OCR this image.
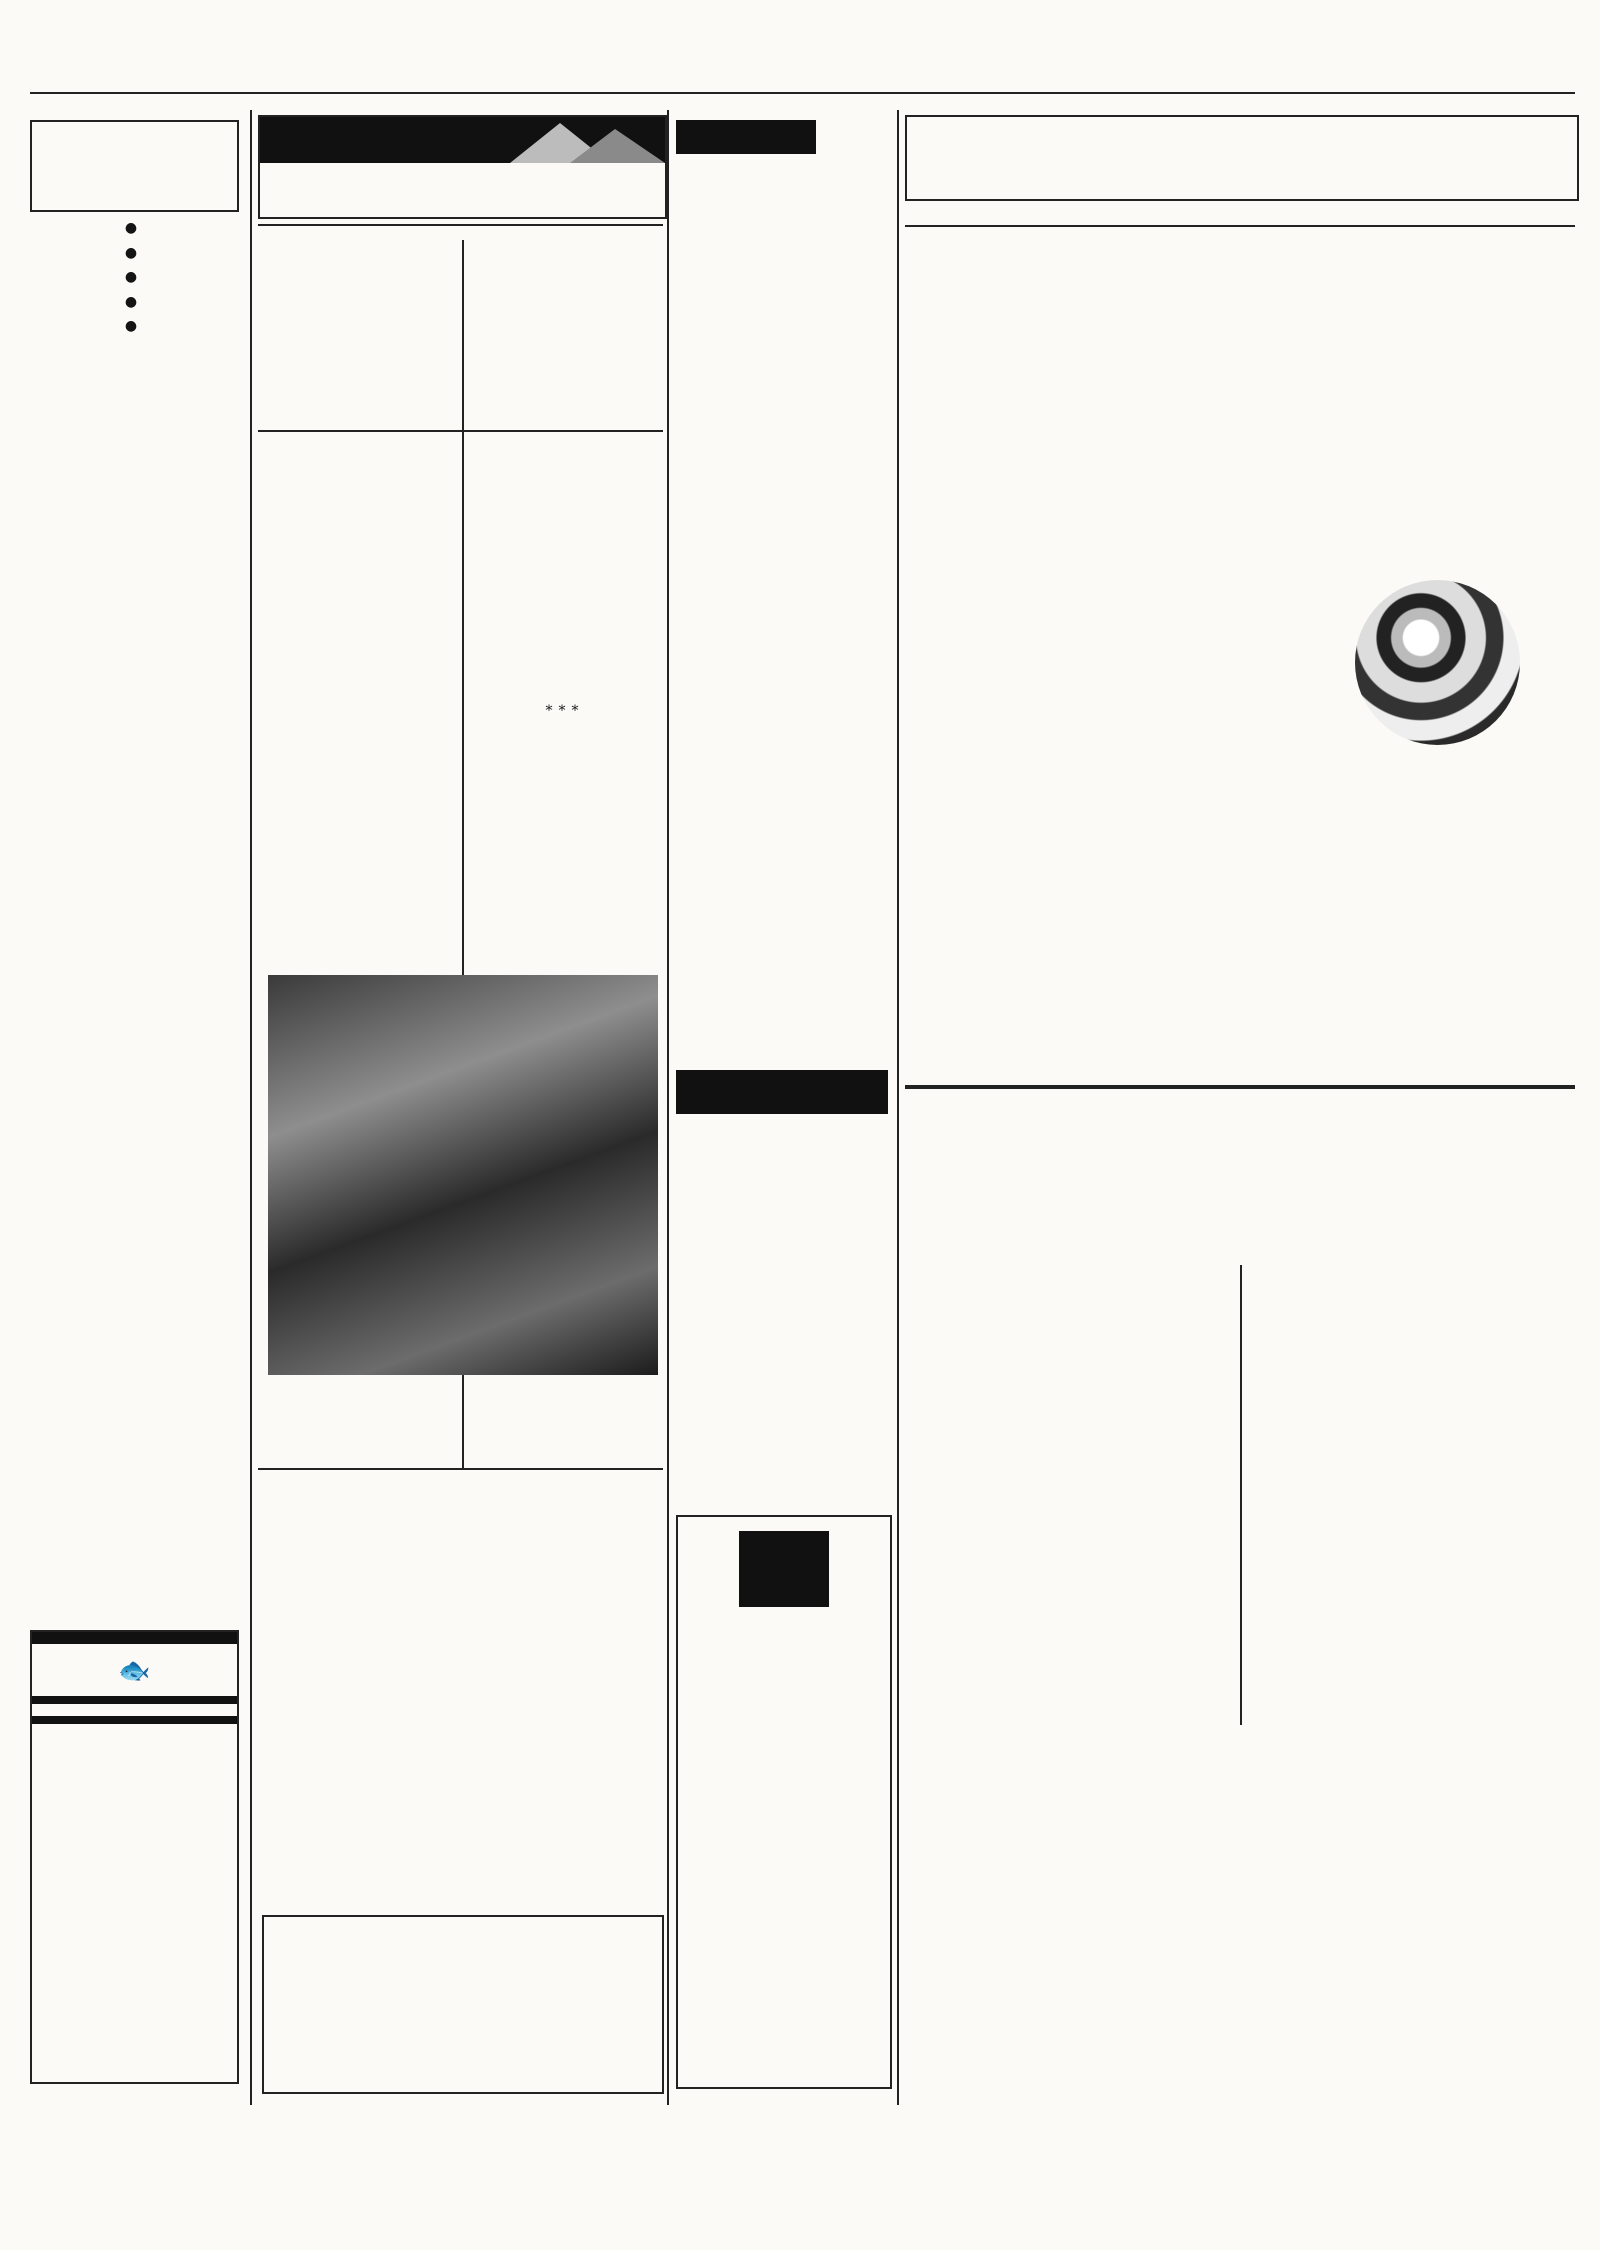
●

●

●

●

●

🐟

***
